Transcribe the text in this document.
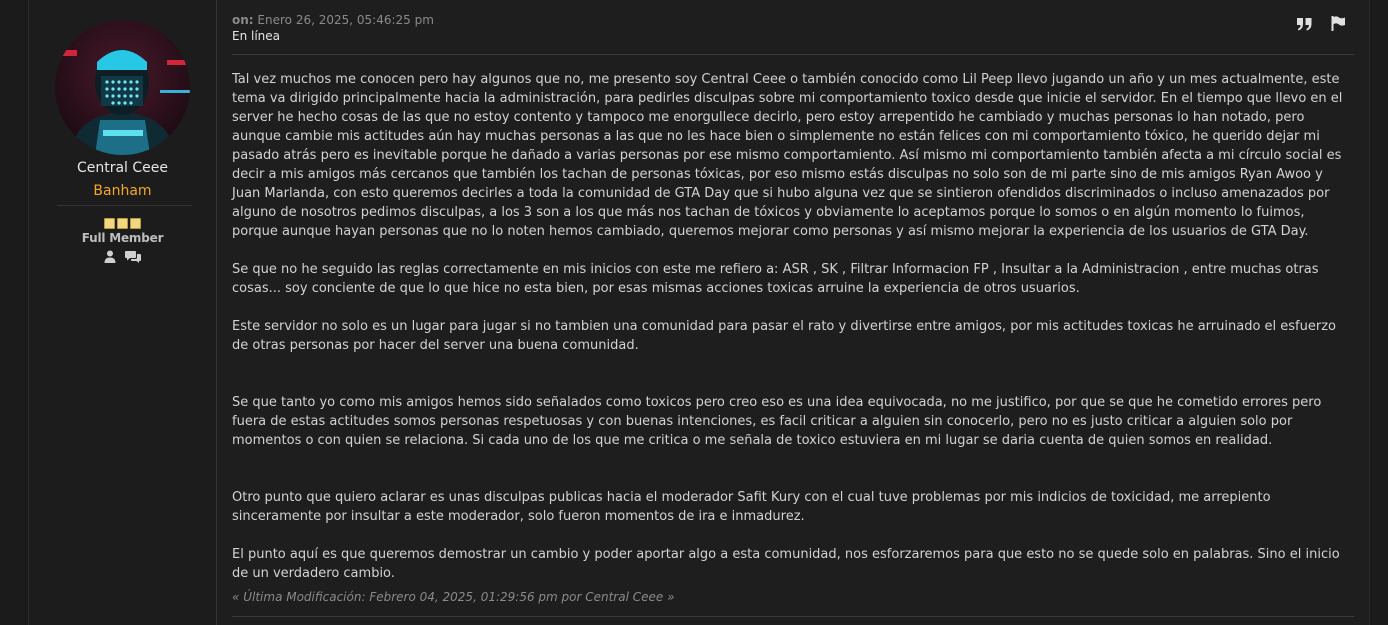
Central Ceee
Banham
Full Member

on: Enero 26, 2025, 05:46:25 pm
En línea

Tal vez muchos me conocen pero hay algunos que no, me presento soy Central Ceee o también conocido como Lil Peep llevo jugando un año y un mes actualmente, este tema va dirigido principalmente hacia la administración, para pedirles disculpas sobre mi comportamiento toxico desde que inicie el servidor. En el tiempo que llevo en el server he hecho cosas de las que no estoy contento y tampoco me enorgullece decirlo, pero estoy arrepentido he cambiado y muchas personas lo han notado, pero aunque cambie mis actitudes aún hay muchas personas a las que no les hace bien o simplemente no están felices con mi comportamiento tóxico, he querido dejar mi pasado atrás pero es inevitable porque he dañado a varias personas por ese mismo comportamiento. Así mismo mi comportamiento también afecta a mi círculo social es decir a mis amigos más cercanos que también los tachan de personas tóxicas, por eso mismo estás disculpas no solo son de mi parte sino de mis amigos Ryan Awoo y Juan Marlanda, con esto queremos decirles a toda la comunidad de GTA Day que si hubo alguna vez que se sintieron ofendidos discriminados o incluso amenazados por alguno de nosotros pedimos disculpas, a los 3 son a los que más nos tachan de tóxicos y obviamente lo aceptamos porque lo somos o en algún momento lo fuimos, porque aunque hayan personas que no lo noten hemos cambiado, queremos mejorar como personas y así mismo mejorar la experiencia de los usuarios de GTA Day.

Se que no he seguido las reglas correctamente en mis inicios con este me refiero a: ASR , SK , Filtrar Informacion FP , Insultar a la Administracion , entre muchas otras cosas... soy conciente de que lo que hice no esta bien, por esas mismas acciones toxicas arruine la experiencia de otros usuarios.

Este servidor no solo es un lugar para jugar si no tambien una comunidad para pasar el rato y divertirse entre amigos, por mis actitudes toxicas he arruinado el esfuerzo de otras personas por hacer del server una buena comunidad.

Se que tanto yo como mis amigos hemos sido señalados como toxicos pero creo eso es una idea equivocada, no me justifico, por que se que he cometido errores pero fuera de estas actitudes somos personas respetuosas y con buenas intenciones, es facil criticar a alguien sin conocerlo, pero no es justo criticar a alguien solo por momentos o con quien se relaciona. Si cada uno de los que me critica o me señala de toxico estuviera en mi lugar se daria cuenta de quien somos en realidad.

Otro punto que quiero aclarar es unas disculpas publicas hacia el moderador Safit Kury con el cual tuve problemas por mis indicios de toxicidad, me arrepiento sinceramente por insultar a este moderador, solo fueron momentos de ira e inmadurez.

El punto aquí es que queremos demostrar un cambio y poder aportar algo a esta comunidad, nos esforzaremos para que esto no se quede solo en palabras. Sino el inicio de un verdadero cambio.

« Última Modificación: Febrero 04, 2025, 01:29:56 pm por Central Ceee »
